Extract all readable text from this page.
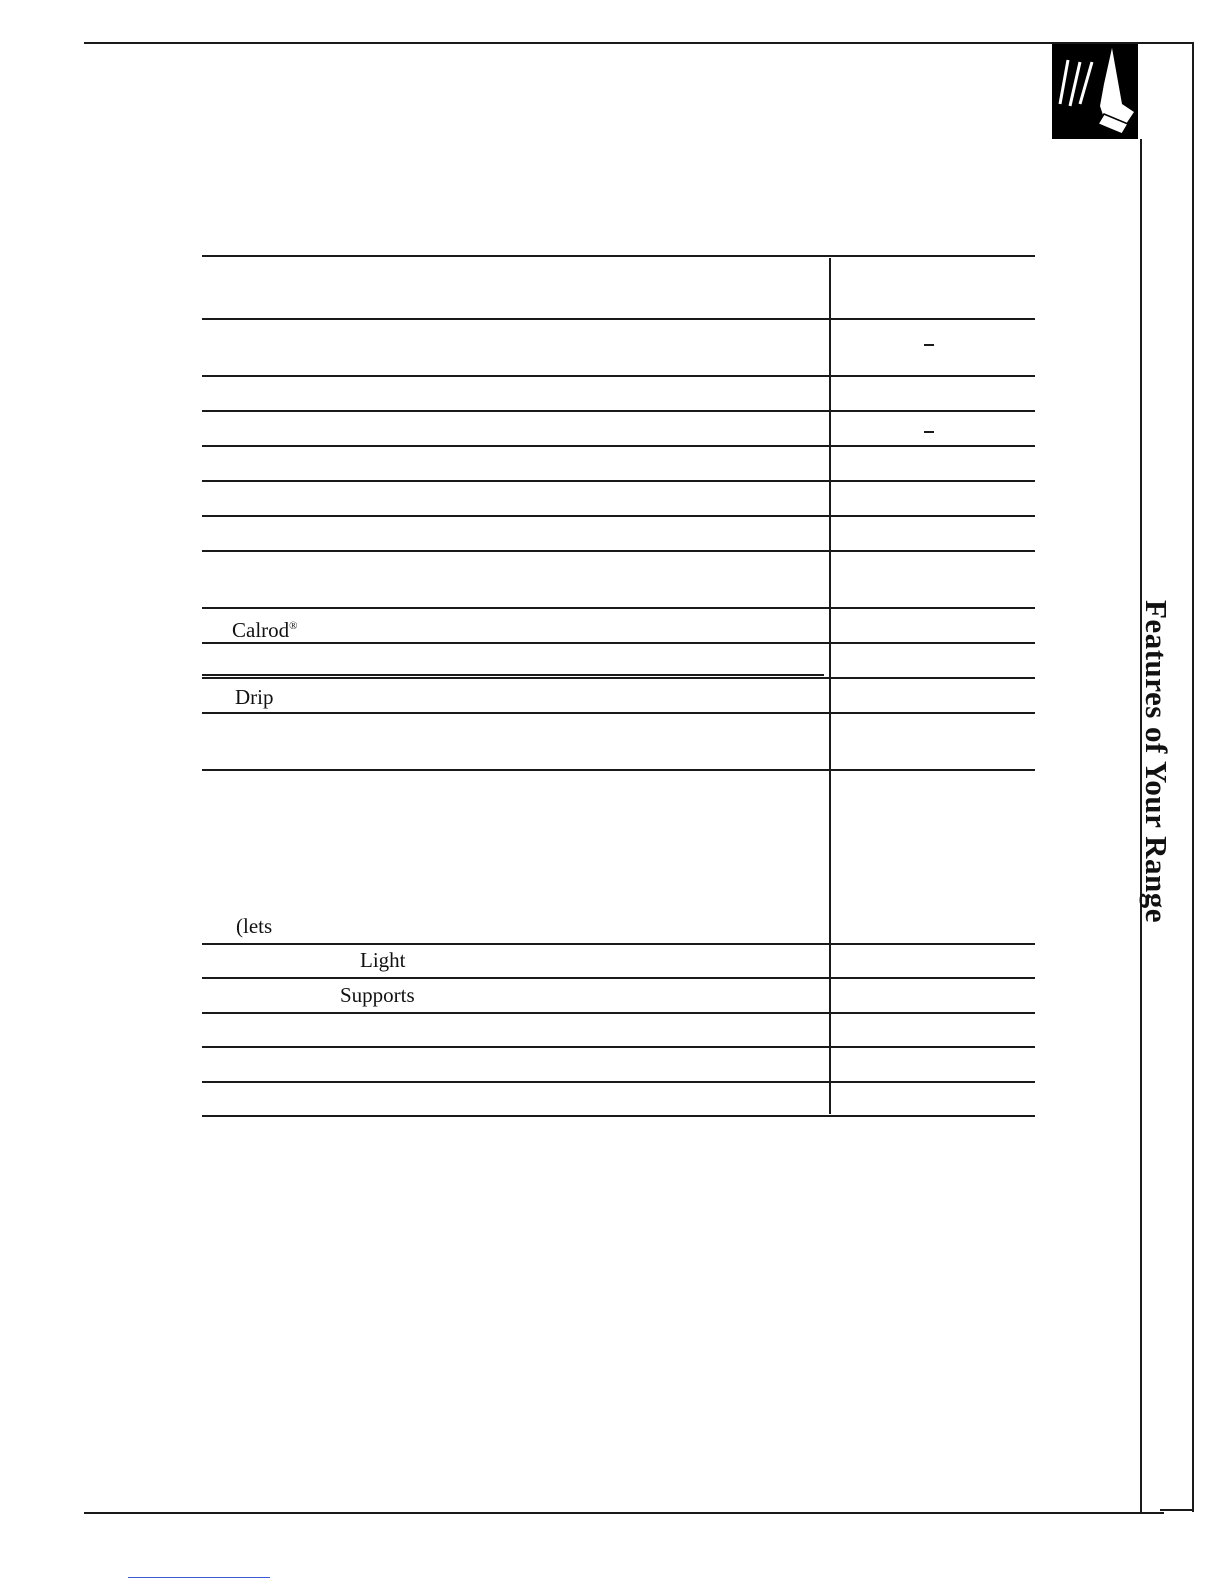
Features of Your Range
Calrod®
Drip
(lets
Light
Supports
